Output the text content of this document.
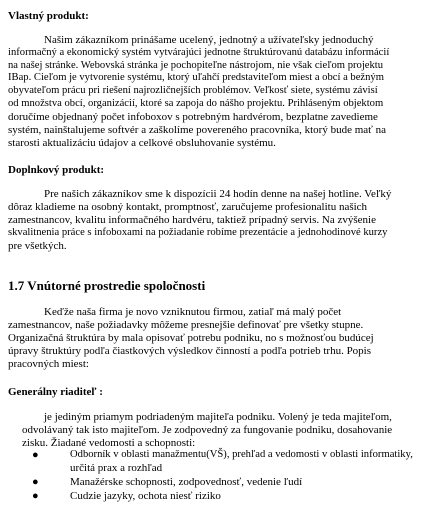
Vlastný produkt:
Našim zákazníkom prinášame ucelený, jednotný a užívateľsky jednoduchý
informačný a ekonomický systém vytvárajúci jednotne štruktúrovanú databázu informácií
na našej stránke. Webovská stránka je pochopiteľne nástrojom, nie však cieľom projektu
IBap. Cieľom je vytvorenie systému, ktorý uľahčí predstaviteľom miest a obcí a bežným
obyvateľom prácu pri riešení najrozličnejších problémov. Veľkosť siete, systému závisí
od množstva obcí, organizácií, ktoré sa zapoja do nášho projektu. Prihláseným objektom
doručíme objednaný počet infoboxov s potrebným hardvérom, bezplatne zavedieme
systém, nainštalujeme softvér a zaškolíme povereného pracovníka, ktorý bude mať na
starosti aktualizáciu údajov a celkové obsluhovanie systému.
Doplnkový produkt:
Pre našich zákazníkov sme k dispozícii 24 hodín denne na našej hotline. Veľký
dôraz kladieme na osobný kontakt, promptnosť, zaručujeme profesionalitu našich
zamestnancov, kvalitu informačného hardvéru, taktiež prípadný servis. Na zvýšenie
skvalitnenia práce s infoboxami na požiadanie robíme prezentácie a jednohodinové kurzy
pre všetkých.
1.7 Vnútorné prostredie spoločnosti
Keďže naša firma je novo vzniknutou firmou, zatiaľ má malý počet
zamestnancov, naše požiadavky môžeme presnejšie definovať pre všetky stupne.
Organizačná štruktúra by mala opisovať potrebu podniku, no s možnosťou budúcej
úpravy štruktúry podľa čiastkových výsledkov činností a podľa potrieb trhu. Popis
pracovných miest:
Generálny riaditeľ :
je jediným priamym podriadeným majiteľa podniku. Volený je teda majiteľom,
odvolávaný tak isto majiteľom. Je zodpovedný za fungovanie podniku, dosahovanie
zisku. Žiadané vedomosti a schopnosti:
●	Odborník v oblasti manažmentu(VŠ), prehľad a vedomosti v oblasti informatiky,
určitá prax a rozhľad
●	Manažérske schopnosti, zodpovednosť, vedenie ľudí
●	Cudzie jazyky, ochota niesť riziko
